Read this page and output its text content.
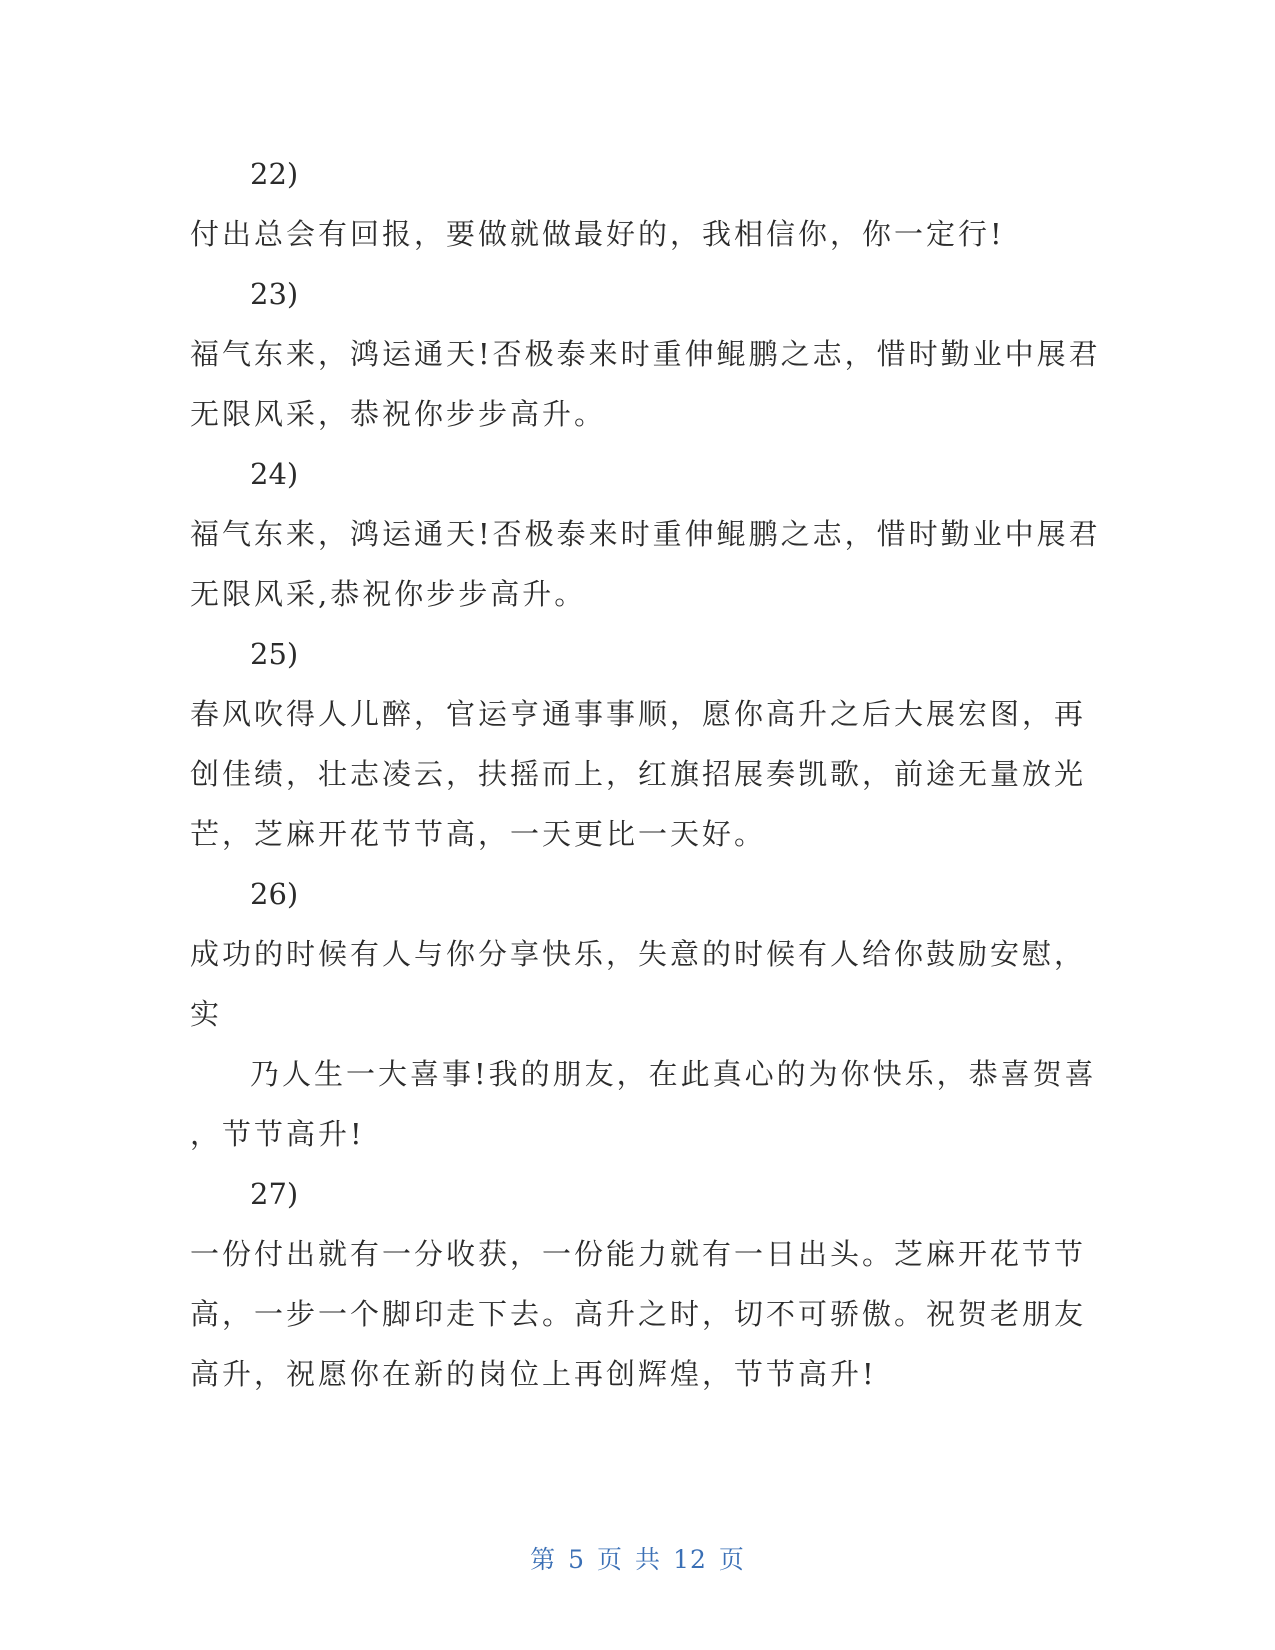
22)
付出总会有回报，要做就做最好的，我相信你，你一定行!
23)
福气东来，鸿运通天!否极泰来时重伸鲲鹏之志，惜时勤业中展君
无限风采，恭祝你步步高升。
24)
福气东来，鸿运通天!否极泰来时重伸鲲鹏之志，惜时勤业中展君
无限风采,恭祝你步步高升。
25)
春风吹得人儿醉，官运亨通事事顺，愿你高升之后大展宏图，再
创佳绩，壮志凌云，扶摇而上，红旗招展奏凯歌，前途无量放光
芒，芝麻开花节节高，一天更比一天好。
26)
成功的时候有人与你分享快乐，失意的时候有人给你鼓励安慰，
实
乃人生一大喜事!我的朋友，在此真心的为你快乐，恭喜贺喜
，节节高升!
27)
一份付出就有一分收获，一份能力就有一日出头。芝麻开花节节
高，一步一个脚印走下去。高升之时，切不可骄傲。祝贺老朋友
高升，祝愿你在新的岗位上再创辉煌，节节高升!
第 5 页 共 12 页
